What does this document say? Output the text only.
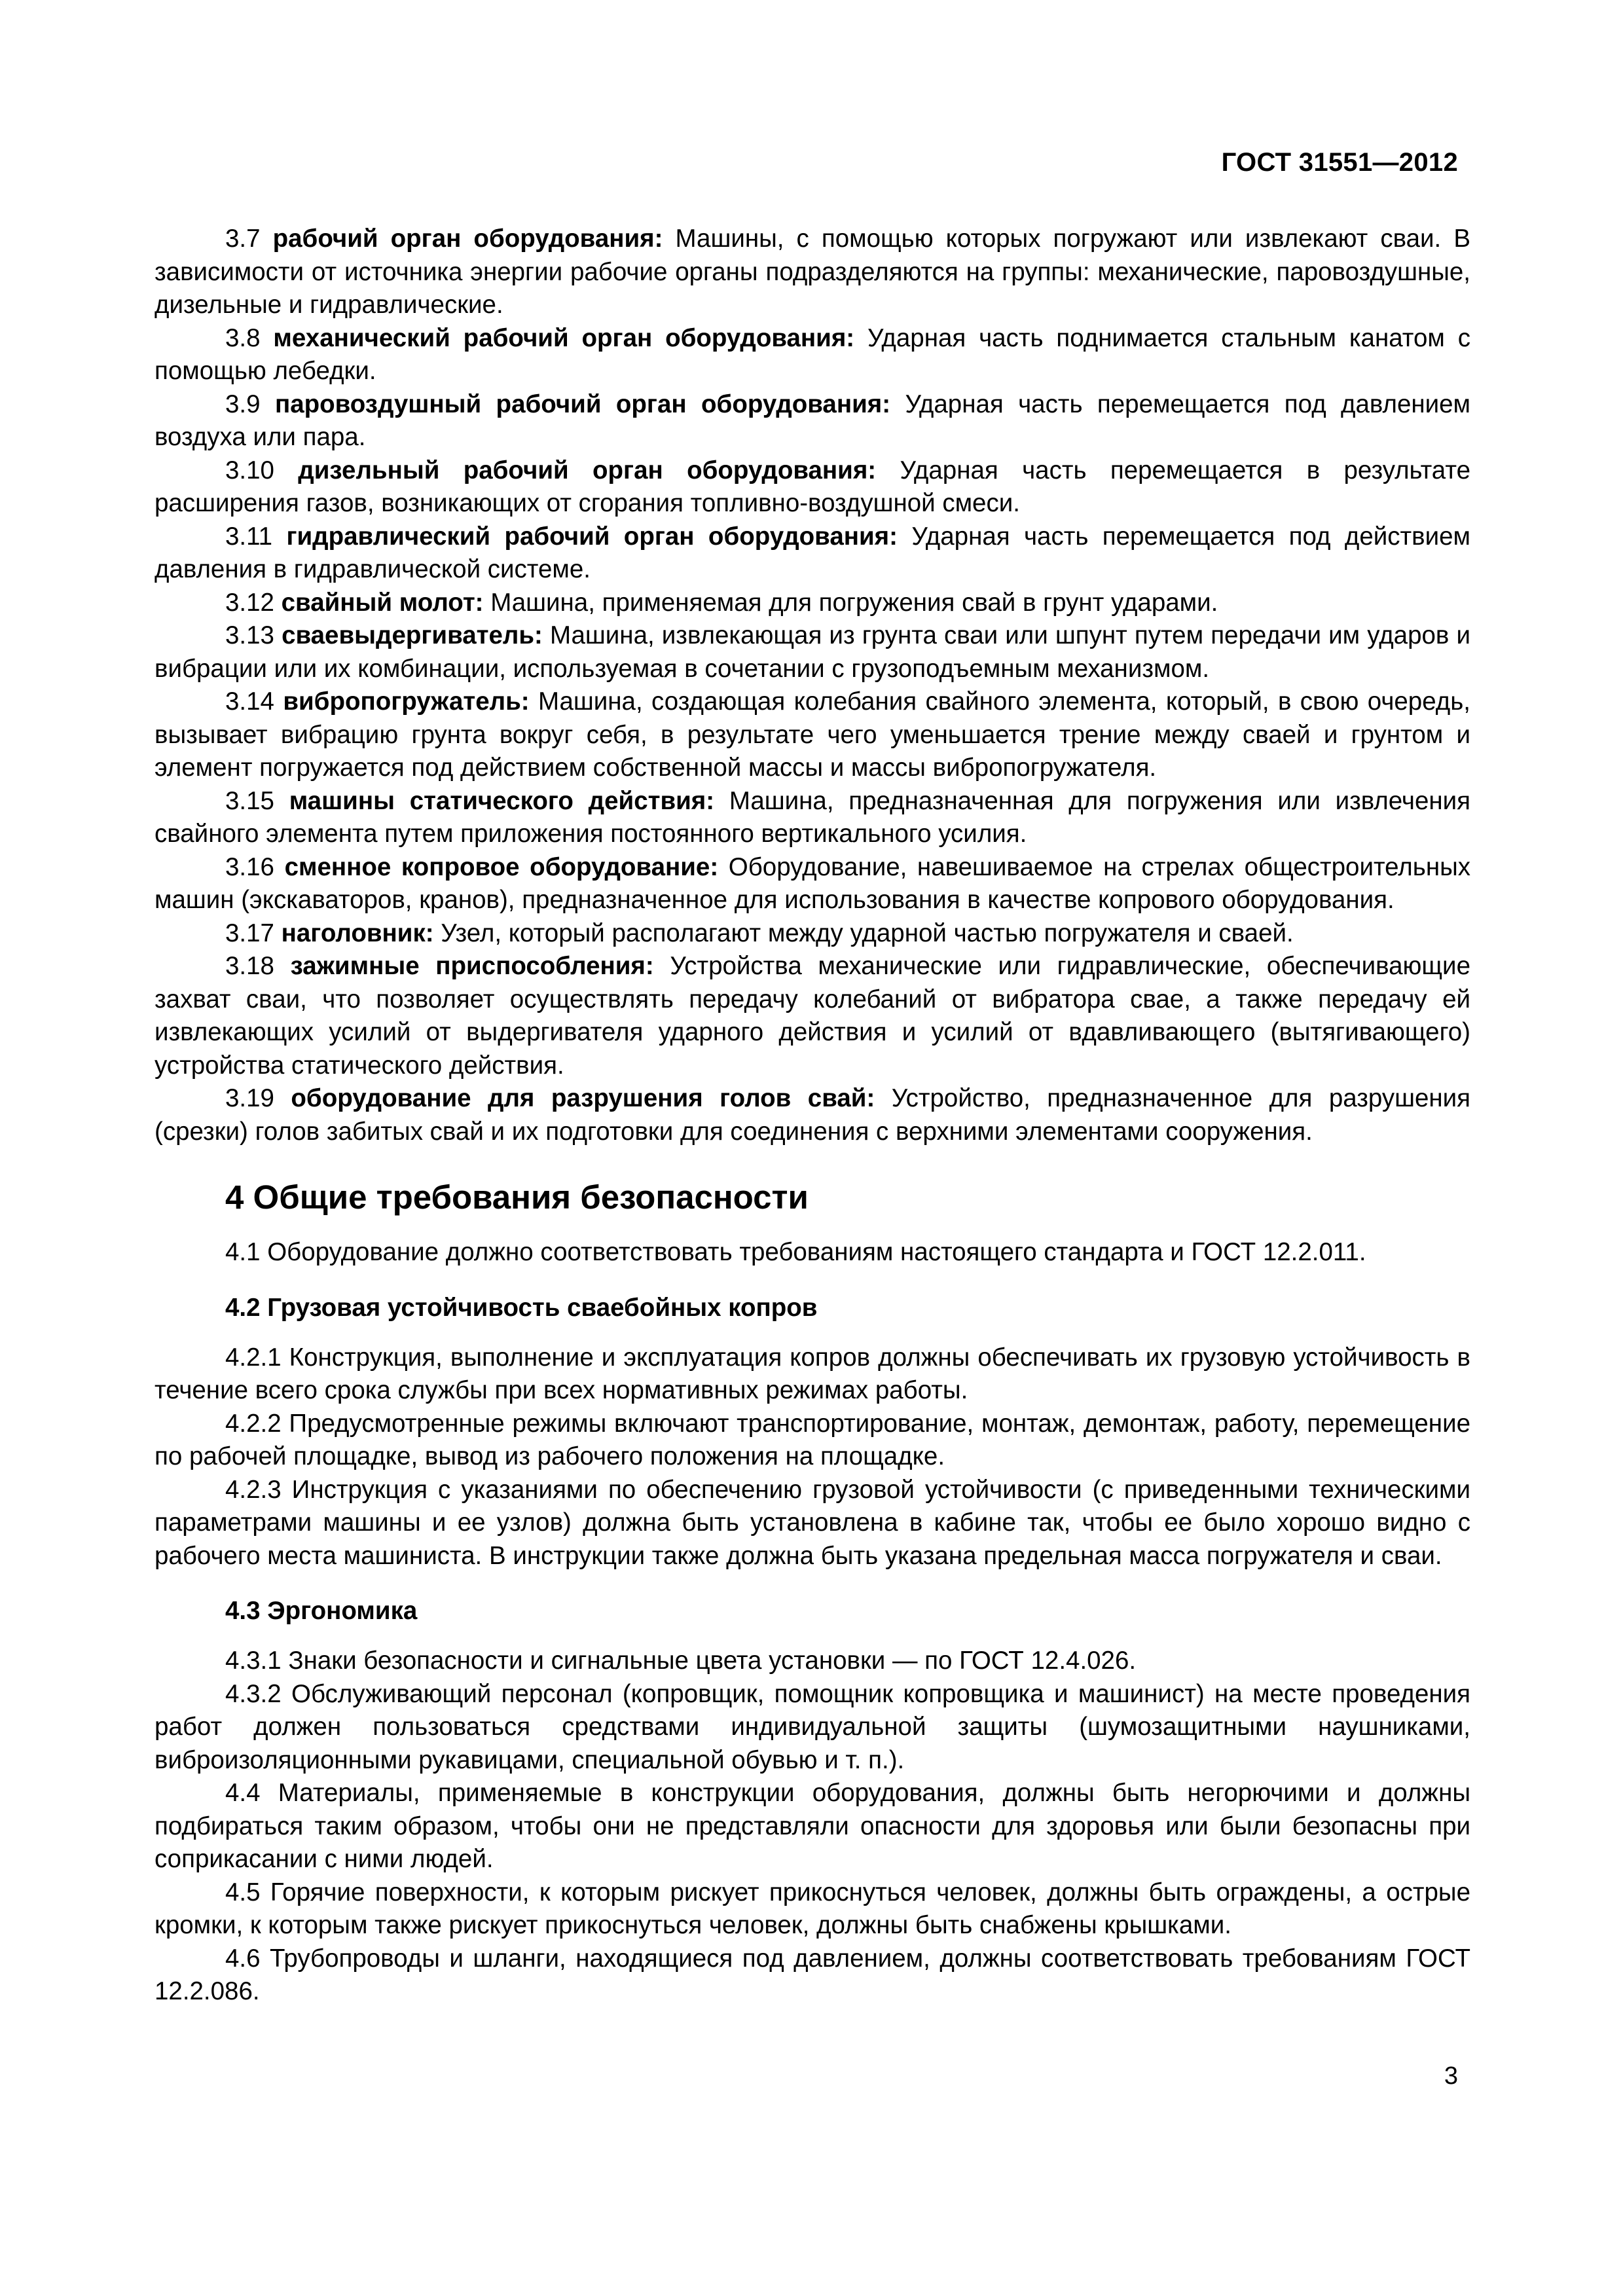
ГОСТ 31551—2012

3.7 рабочий орган оборудования: Машины, с помощью которых погружают или извлекают сваи. В зависимости от источника энергии рабочие органы подразделяются на группы: механические, паровоздушные, дизельные и гидравлические.

3.8 механический рабочий орган оборудования: Ударная часть поднимается стальным канатом с помощью лебедки.

3.9 паровоздушный рабочий орган оборудования: Ударная часть перемещается под давлением воздуха или пара.

3.10 дизельный рабочий орган оборудования: Ударная часть перемещается в результате расширения газов, возникающих от сгорания топливно-воздушной смеси.

3.11 гидравлический рабочий орган оборудования: Ударная часть перемещается под действием давления в гидравлической системе.

3.12 свайный молот: Машина, применяемая для погружения свай в грунт ударами.

3.13 сваевыдергиватель: Машина, извлекающая из грунта сваи или шпунт путем передачи им ударов и вибрации или их комбинации, используемая в сочетании с грузоподъемным механизмом.

3.14 вибропогружатель: Машина, создающая колебания свайного элемента, который, в свою очередь, вызывает вибрацию грунта вокруг себя, в результате чего уменьшается трение между сваей и грунтом и элемент погружается под действием собственной массы и массы вибропогружателя.

3.15 машины статического действия: Машина, предназначенная для погружения или извлечения свайного элемента путем приложения постоянного вертикального усилия.

3.16 сменное копровое оборудование: Оборудование, навешиваемое на стрелах общестроительных машин (экскаваторов, кранов), предназначенное для использования в качестве копрового оборудования.

3.17 наголовник: Узел, который располагают между ударной частью погружателя и сваей.

3.18 зажимные приспособления: Устройства механические или гидравлические, обеспечивающие захват сваи, что позволяет осуществлять передачу колебаний от вибратора свае, а также передачу ей извлекающих усилий от выдергивателя ударного действия и усилий от вдавливающего (вытягивающего) устройства статического действия.

3.19 оборудование для разрушения голов свай: Устройство, предназначенное для разрушения (срезки) голов забитых свай и их подготовки для соединения с верхними элементами сооружения.

4 Общие требования безопасности

4.1 Оборудование должно соответствовать требованиям настоящего стандарта и ГОСТ 12.2.011.

4.2 Грузовая устойчивость сваебойных копров

4.2.1 Конструкция, выполнение и эксплуатация копров должны обеспечивать их грузовую устойчивость в течение всего срока службы при всех нормативных режимах работы.

4.2.2 Предусмотренные режимы включают транспортирование, монтаж, демонтаж, работу, перемещение по рабочей площадке, вывод из рабочего положения на площадке.

4.2.3 Инструкция с указаниями по обеспечению грузовой устойчивости (с приведенными техническими параметрами машины и ее узлов) должна быть установлена в кабине так, чтобы ее было хорошо видно с рабочего места машиниста. В инструкции также должна быть указана предельная масса погружателя и сваи.

4.3 Эргономика

4.3.1 Знаки безопасности и сигнальные цвета установки — по ГОСТ 12.4.026.

4.3.2 Обслуживающий персонал (копровщик, помощник копровщика и машинист) на месте проведения работ должен пользоваться средствами индивидуальной защиты (шумозащитными наушниками, виброизоляционными рукавицами, специальной обувью и т. п.).

4.4 Материалы, применяемые в конструкции оборудования, должны быть негорючими и должны подбираться таким образом, чтобы они не представляли опасности для здоровья или были безопасны при соприкасании с ними людей.

4.5 Горячие поверхности, к которым рискует прикоснуться человек, должны быть ограждены, а острые кромки, к которым также рискует прикоснуться человек, должны быть снабжены крышками.

4.6 Трубопроводы и шланги, находящиеся под давлением, должны соответствовать требованиям ГОСТ 12.2.086.

3
